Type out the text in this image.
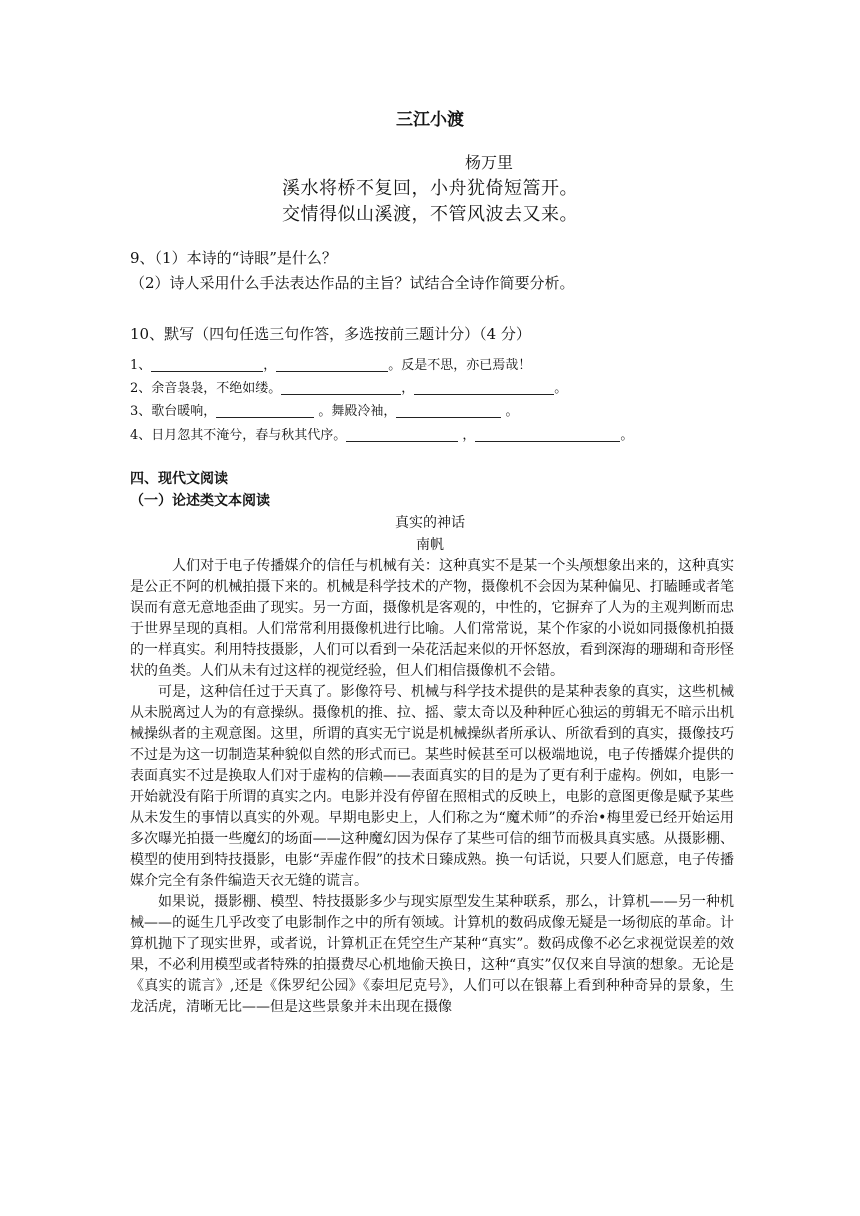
三江小渡
杨万里
溪水将桥不复回，小舟犹倚短篙开。
交情得似山溪渡，不管风波去又来。
9、（1）本诗的“诗眼”是什么？
（2）诗人采用什么手法表达作品的主旨？试结合全诗作简要分析。
10、默写（四句任选三句作答，多选按前三题计分）（4 分）
1、	，	。反是不思，亦已焉哉！
2、余音袅袅，不绝如缕。	，	。
3、歌台暖响，	。舞殿冷袖，	。
4、日月忽其不淹兮，春与秋其代序。	，	。
四、现代文阅读
（一）论述类文本阅读
真实的神话
南帆

人们对于电子传播媒介的信任与机械有关：这种真实不是某一个头颅想象出来的，这种真实是公正不阿的机械拍摄下来的。机械是科学技术的产物，摄像机不会因为某种偏见、打瞌睡或者笔误而有意无意地歪曲了现实。另一方面，摄像机是客观的，中性的，它摒弃了人为的主观判断而忠于世界呈现的真相。人们常常利用摄像机进行比喻。人们常常说，某个作家的小说如同摄像机拍摄的一样真实。利用特技摄影，人们可以看到一朵花活起来似的开怀怒放，看到深海的珊瑚和奇形怪状的鱼类。人们从未有过这样的视觉经验，但人们相信摄像机不会错。

可是，这种信任过于天真了。影像符号、机械与科学技术提供的是某种表象的真实，这些机械从未脱离过人为的有意操纵。摄像机的推、拉、摇、蒙太奇以及种种匠心独运的剪辑无不暗示出机械操纵者的主观意图。这里，所谓的真实无宁说是机械操纵者所承认、所欲看到的真实，摄像技巧不过是为这一切制造某种貌似自然的形式而已。某些时候甚至可以极端地说，电子传播媒介提供的表面真实不过是换取人们对于虚构的信赖——表面真实的目的是为了更有利于虚构。例如，电影一开始就没有陷于所谓的真实之内。电影并没有停留在照相式的反映上，电影的意图更像是赋予某些从未发生的事情以真实的外观。早期电影史上，人们称之为“魔术师”的乔治•梅里爱已经开始运用多次曝光拍摄一些魔幻的场面——这种魔幻因为保存了某些可信的细节而极具真实感。从摄影棚、模型的使用到特技摄影，电影“弄虚作假”的技术日臻成熟。换一句话说，只要人们愿意，电子传播媒介完全有条件编造天衣无缝的谎言。

如果说，摄影棚、模型、特技摄影多少与现实原型发生某种联系，那么，计算机——另一种机械——的诞生几乎改变了电影制作之中的所有领域。计算机的数码成像无疑是一场彻底的革命。计算机抛下了现实世界，或者说，计算机正在凭空生产某种“真实”。数码成像不必乞求视觉误差的效果，不必利用模型或者特殊的拍摄费尽心机地偷天换日，这种“真实”仅仅来自导演的想象。无论是《真实的谎言》,还是《侏罗纪公园》《泰坦尼克号》，人们可以在银幕上看到种种奇异的景象，生龙活虎，清晰无比——但是这些景象并未出现在摄像
